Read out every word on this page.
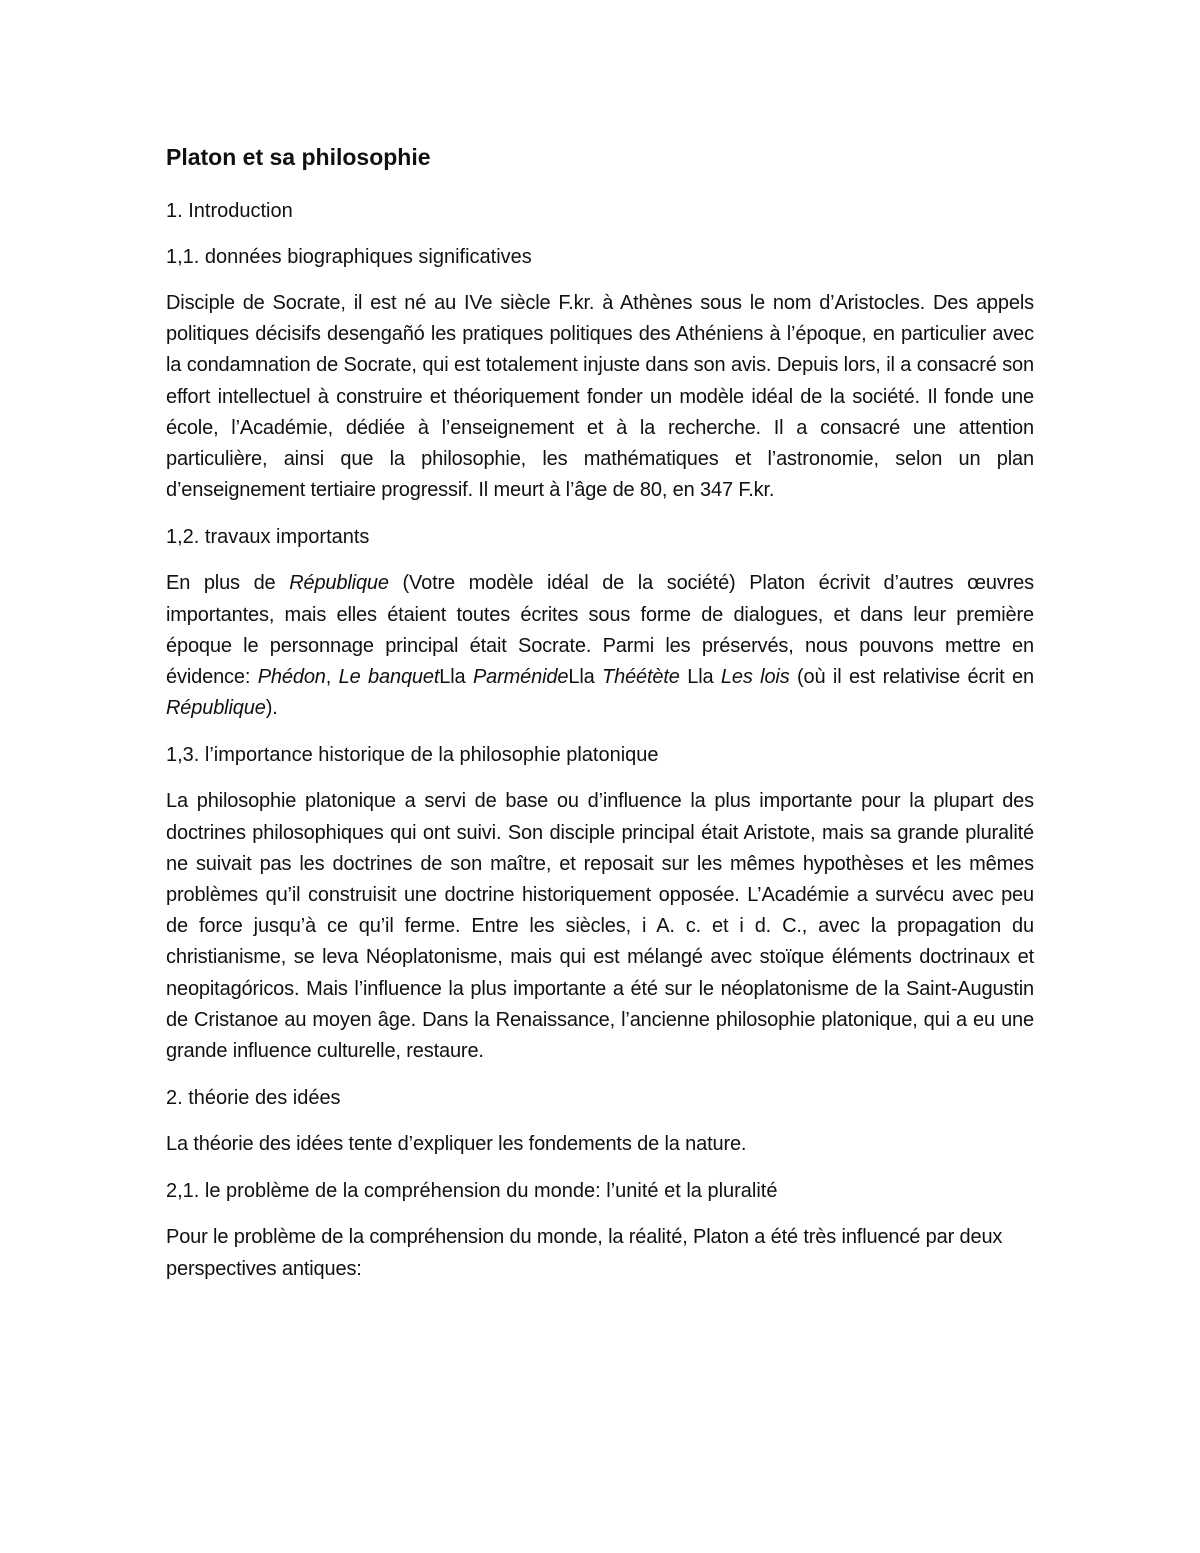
Platon et sa philosophie

1. Introduction

1,1. données biographiques significatives

Disciple de Socrate, il est né au IVe siècle F.kr. à Athènes sous le nom d’Aristocles. Des appels politiques décisifs desengañó les pratiques politiques des Athéniens à l’époque, en particulier avec la condamnation de Socrate, qui est totalement injuste dans son avis. Depuis lors, il a consacré son effort intellectuel à construire et théoriquement fonder un modèle idéal de la société. Il fonde une école, l’Académie, dédiée à l’enseignement et à la recherche. Il a consacré une attention particulière, ainsi que la philosophie, les mathématiques et l’astronomie, selon un plan d’enseignement tertiaire progressif. Il meurt à l’âge de 80, en 347 F.kr.

1,2. travaux importants

En plus de République (Votre modèle idéal de la société) Platon écrivit d’autres œuvres importantes, mais elles étaient toutes écrites sous forme de dialogues, et dans leur première époque le personnage principal était Socrate. Parmi les préservés, nous pouvons mettre en évidence: Phédon, Le banquetLla ParménideLla Théétète Lla Les lois (où il est relativise écrit en République).

1,3. l’importance historique de la philosophie platonique

La philosophie platonique a servi de base ou d’influence la plus importante pour la plupart des doctrines philosophiques qui ont suivi. Son disciple principal était Aristote, mais sa grande pluralité ne suivait pas les doctrines de son maître, et reposait sur les mêmes hypothèses et les mêmes problèmes qu’il construisit une doctrine historiquement opposée. L’Académie a survécu avec peu de force jusqu’à ce qu’il ferme. Entre les siècles, i A. c. et i d. C., avec la propagation du christianisme, se leva Néoplatonisme, mais qui est mélangé avec stoïque éléments doctrinaux et neopitagóricos. Mais l’influence la plus importante a été sur le néoplatonisme de la Saint-Augustin de Cristanoe au moyen âge. Dans la Renaissance, l’ancienne philosophie platonique, qui a eu une grande influence culturelle, restaure.

2. théorie des idées

La théorie des idées tente d’expliquer les fondements de la nature.

2,1. le problème de la compréhension du monde: l’unité et la pluralité

Pour le problème de la compréhension du monde, la réalité, Platon a été très influencé par deux perspectives antiques:
